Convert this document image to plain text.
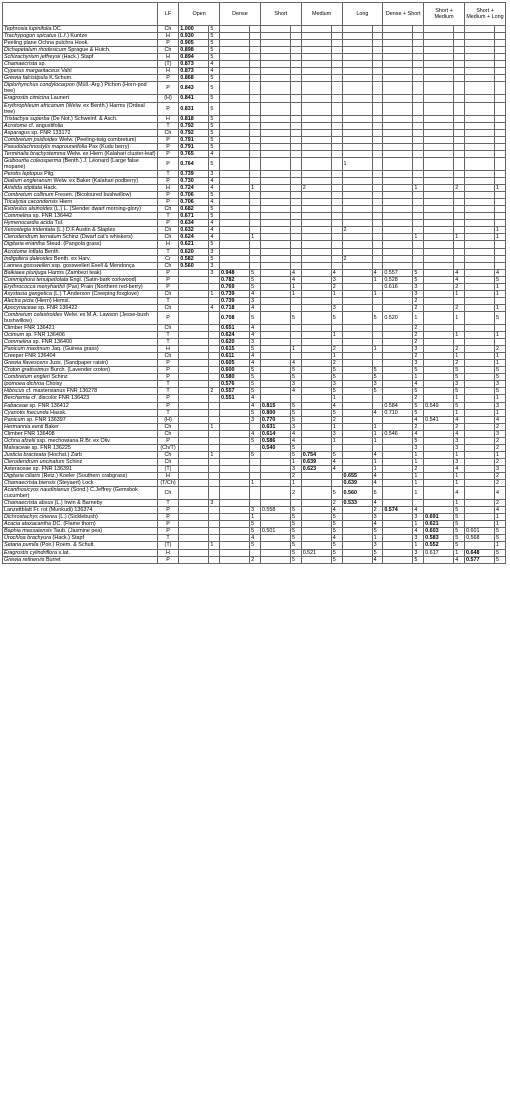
	LF	Open		Dense		Short		Medium		Long		Dense + Short		Short + Medium		Short + Medium + Long	
Tephrosia lupinifolia DC.	Ch	1.000	5														
Trachypogon spicatus (L.f.) Kuntze	H	0.930	5														
Peeling plane Ochna pulchra Hook.	P	0.905	5														
Dichapetalum rhodesicum Sprague & Hutch.	Ch	0.898	5														
Schizachyrium jeffreysii (Hack.) Stapf	H	0.894	5														
Chamaecrista sp.	(T)	0.873	4														
Cyperus margaritaceus Vahl	H	0.873	4														
Grewia falcistipula K.Schum.	P	0.868	5														
Diplorhynchus condylocarpon (Müll.-Arg.) Pichon (Horn-pod tree)	P	0.843	5														
Eragrostis cimicina Launert	(H)	0.841	5														
Erythrophleum africanum (Welw. ex Benth.) Harms (Ordeal tree)	P	0.831	5														
Tristachya superba (De Not.) Schweinf. & Asch.	H	0.818	5														
Acrotome cf. angustifolia	T	0.792	5														
Asparagus sp. FNR 133172	Ch	0.792	5														
Combretum psidioides Welw. (Peeling-twig combretum)	P	0.791	5														
Pseudolachnostylis maprouneifolia Pax (Kudu berry)	P	0.791	5														
Terminalia brachystemma Welw. ex Hiern (Kalahari cluster-leaf)	P	0.765	4														
Guibourtia coleosperma (Benth.) J. Léonard (Large false mopane)	P	0.764	5							1							
Perotis leptopus Pilg.	T	0.739	3														
Dialium engleranum Welw. ex Baker (Kalahari podberry)	P	0.730	4														
Aristida stipitata Hack.	H	0.724	4		1			2					1		2		1
Combretum collinum Fresen. (Bicoloured bushwillow)	P	0.706	5														
Tricalysia cacondensis Hiern	P	0.706	4														
Evolvulus alsinoides (L.) L. (Slender dwarf morning-glory)	Ch	0.682	5														
Commelina sp. FNR 136442	T	0.671	5														
Hymenocardia acida Tul.	P	0.634	4														
Xenostegia tridentata (L.) D.F.Austin & Staples	Ch	0.632	4							2							1
Clerodendrum ternatum Schinz (Dwarf cat's whiskers)	Ch	0.624	4		1								1		1		1
Digitaria eriantha Steud. (Pangola grass)	H	0.621	5														
Acrotome inflata Benth.	T	0.620	3														
Indigofera daleoides Benth. ex Harv.	Cr	0.582	5							2							
Lannea gossweileri ssp. gossweileri Exell & Mendonça	Ch	0.560	3														
Baikiaea plurijuga Harms (Zambezi teak)	P		3	0.948	5		4		4		4	0.557	5		4		4
Commiphora tenuipetiolata Engl. (Satin-bark corkwood)	P			0.782	5		4		3		1	0.528	5		4		5
Erythrococca menyharthii (Pax) Prain (Northern red-berry)	P			0.769	5		1		2			0.616	3		2		1
Asystasia gangetica (L.) T.Anderson (Creeping foxglove)	Ch		1	0.739	4		1		1		1		3		1		1
Alectra picta (Hiern) Hemsl.	T			0.739	3								2				
Apocynaceae sp. FNR 136422	Ch		4	0.718	4				3				2		2		1
Combretum celastroides Welw. ex M.A. Lawson (Jesse-bush bushwillow)	P			0.708	5		5		5		5	0.520	1		1		5
Climber FNR 136421	Ch			0.651	4								2				
Ocimum sp. FNR 136406	T			0.624	4				1				2		1		1
Commelina sp. FNR 136400	T			0.620	3								2				
Panicum maximum Jaq. (Guinea grass)	H			0.615	5		1		2		1		3		2		2
Creeper FNR 136404	Ch			0.611	4				1				2		1		1
Grewia flavescens Juss. (Sandpaper raisin)	P			0.605	4		4		2				3		2		1
Croton gratissimus Burch. (Lavender croton)	P			0.600	5		5		5		5		5		5		5
Combretum engleri Schinz	P			0.580	5		5		5		5		1		5		5
Ipomoea dichroa Choisy	T			0.576	5		3		3		3		4		3		3
Hibiscus cf. mastersianus FNR 136278	T		2	0.557	5		4		5		5		5		5		5
Berchemia cf. discolor FNR 136423	P			0.551	4				1				2		1		1
Fabaceae sp. FNR 136412	P				4	0.815	5		4			0.584	5	0.549	5		3
Cyanotis foecunda Hassk.	T				5	0.800	5		5		4	0.710	5		1		1
Panicum sp. FNR 136397	(H)				3	0.770	5		2				4	0.541	4		4
Hermannia eenii Baker	Ch		1			0.631	3		1		1		2		2		2
Climber FNR 136408	Ch				4	0.614	4		3		1	0.546	4		4		3
Ochna afzelii ssp. mechowiana R.Br. ex Oliv.	P				5	0.586	4		1		1		5		3		2
Malvaceae sp. FNR 136225	(Ch/T)					0.540	5						3		3		2
Justicia bracteata (Hochst.) Zarb	Ch		1		5		5	0.754	5		4		1		1		1
Clerodendrum uncinatum Schinz	Ch						1	0.639	4		1		1		3		2
Asteraceae sp. FNR 136391	(T)						3	0.623	4		1		2		4		3
Digitaria ciliaris (Retz.) Koeler (Southern crabgrass)	H						2			0.655	4		1		1		2
Chamaecrista biensis (Steyaert) Lock	(T/Ch)				1		1			0.639	4		1		1		2
Acanthosicyos naudinianus (Sond.) C.Jeffrey (Gemsbok cucumber)	Ch						2		5	0.560	5		1		4		4
Chamaecrista absus (L.) Irwin & Barneby	T		3						2	0.533	4				1		2
Lanzettblatt Fr. rot (Munkudi) 136374	P				3	0.558	5		4		2	0.574	4		5		4
Dichrostachys cinerea (L.) (Sicklebush)	P				1		5		5		3		3	0.691	5		1
Acacia ataxacantha DC. (Flame thorn)	P				5		5		5		4		1	0.621	5		1
Baphia massaiensis Taub. (Jasmine pea)	P				5	0.501	5		5		5		4	0.603	5	0.601	5
Urochloa brachyura (Hack.) Stapf	T				4		5		4		1		3	0.583	5	0.568	5
Setaria pumila (Poir.) Roem. & Schult.	(T)		1		5		5		5		3		1	0.552	5		1
Eragrostis cylindriflora s.lat.	H						5	0.521	5		5		3	0.617	1	0.648	5
Grewia retinervis Burret	P				2		5		5		4		5		4	0.577	5
